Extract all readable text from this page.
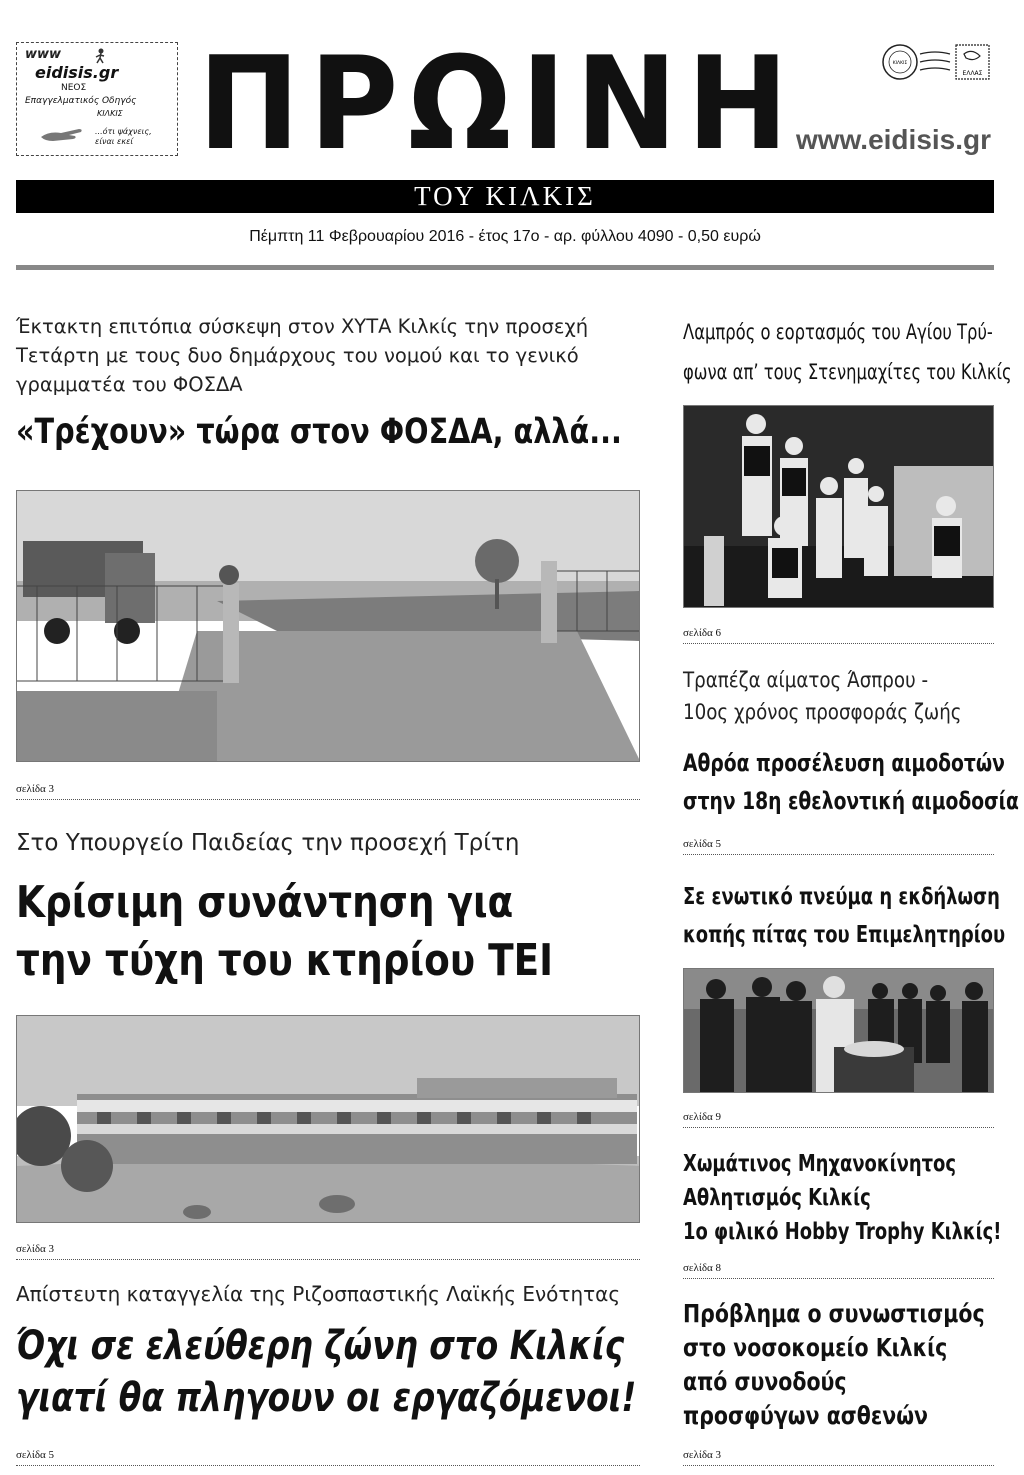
www
eidisis.gr
ΝΕΟΣ
Επαγγελματικός Οδηγός
ΚΙΛΚΙΣ
...ότι ψάχνεις, είναι εκεί ΠΡΩΙΝΗ	ΚΙΛΚΙΣ
ΕΛΛΑΣ
www.eidisis.gr
ΤΟΥ ΚΙΛΚΙΣ
Πέμπτη 11 Φεβρουαρίου 2016 - έτος 17ο - αρ. φύλλου 4090 - 0,50 ευρώ
Έκτακτη επιτόπια σύσκεψη στον ΧΥΤΑ Κιλκίς την προσεχή
Τετάρτη με τους δυο δημάρχους του νομού και το γενικό
γραμματέα του ΦΟΣΔΑ
«Τρέχουν» τώρα στον ΦΟΣΔΑ, αλλά...
σελίδα 3
Στο Υπουργείο Παιδείας την προσεχή Τρίτη
Κρίσιμη συνάντηση για
την τύχη του κτηρίου ΤΕΙ
σελίδα 3
Απίστευτη καταγγελία της Ριζοσπαστικής Λαϊκής Ενότητας
Όχι σε ελεύθερη ζώνη στο Κιλκίς
γιατί θα πληγουν οι εργαζόμενοι!
σελίδα 5
Λαμπρός ο εορτασμός του Αγίου Τρύ-
φωνα απ’ τους Στενημαχίτες του Κιλκίς
σελίδα 6
Τραπέζα αίματος Άσπρου -
10ος χρόνος προσφοράς ζωής
Αθρόα προσέλευση αιμοδοτών
στην 18η εθελοντική αιμοδοσία
σελίδα 5
Σε ενωτικό πνεύμα η εκδήλωση
κοπής πίτας του Επιμελητηρίου
σελίδα 9
Χωμάτινος Μηχανοκίνητος
Αθλητισμός Κιλκίς
1ο φιλικό Hobby Trophy Κιλκίς!
σελίδα 8
Πρόβλημα ο συνωστισμός
στο νοσοκομείο Κιλκίς
από συνοδούς
προσφύγων ασθενών
σελίδα 3
